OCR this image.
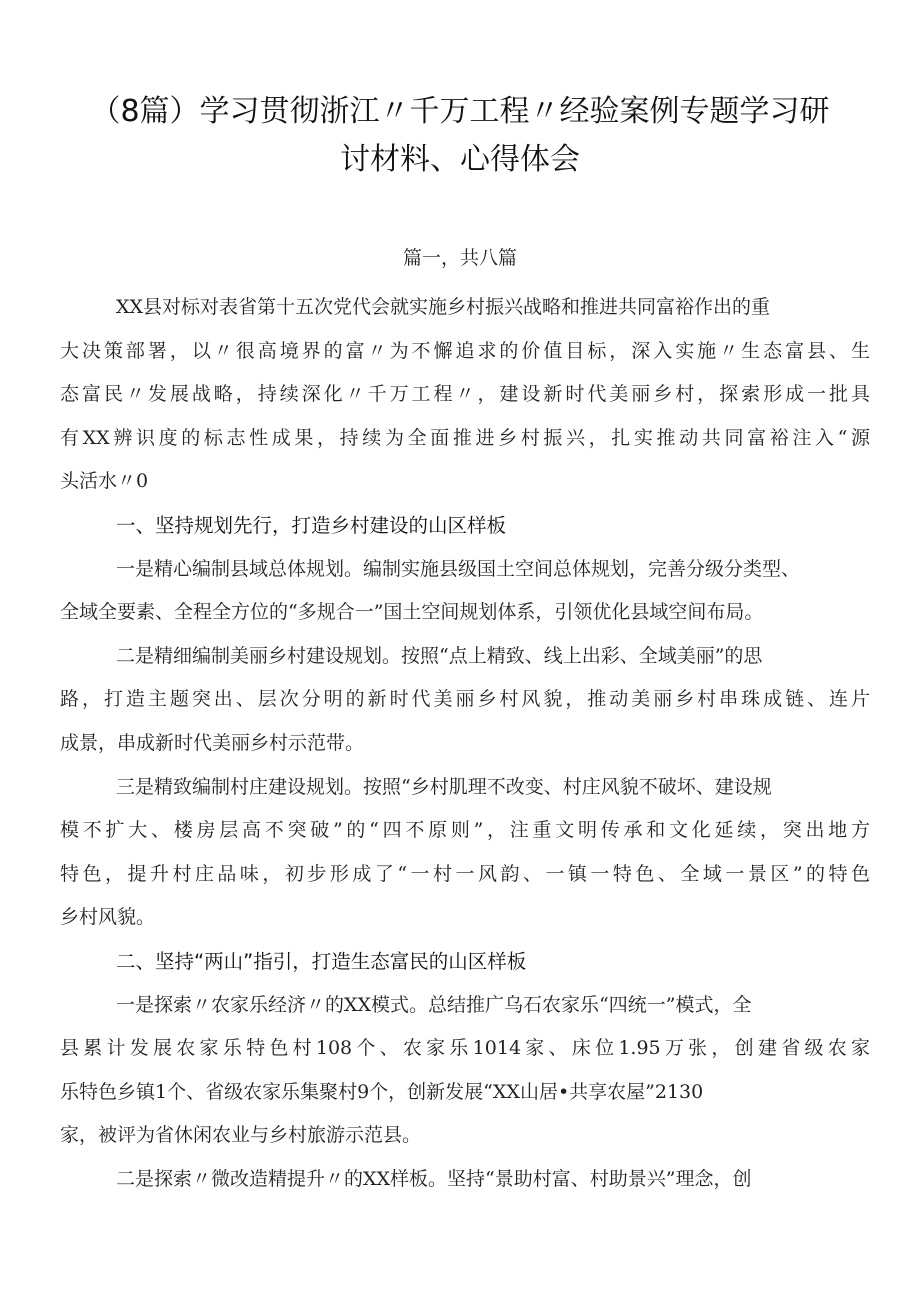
（8篇）学习贯彻浙江〃千万工程〃经验案例专题学习研
讨材料、心得体会
篇一，共八篇
XX县对标对表省第十五次党代会就实施乡村振兴战略和推进共同富裕作出的重
大决策部署，以〃很高境界的富〃为不懈追求的价值目标，深入实施〃生态富县、生
态富民〃发展战略，持续深化〃千万工程〃，建设新时代美丽乡村，探索形成一批具
有XX辨识度的标志性成果，持续为全面推进乡村振兴，扎实推动共同富裕注入“源
头活水〃0
一、坚持规划先行，打造乡村建设的山区样板
一是精心编制县域总体规划。编制实施县级国土空间总体规划，完善分级分类型、
全域全要素、全程全方位的“多规合一”国土空间规划体系，引领优化县域空间布局。
二是精细编制美丽乡村建设规划。按照“点上精致、线上出彩、全域美丽”的思
路，打造主题突出、层次分明的新时代美丽乡村风貌，推动美丽乡村串珠成链、连片
成景，串成新时代美丽乡村示范带。
三是精致编制村庄建设规划。按照“乡村肌理不改变、村庄风貌不破坏、建设规
模不扩大、楼房层高不突破”的“四不原则”，注重文明传承和文化延续，突出地方
特色，提升村庄品味，初步形成了“一村一风韵、一镇一特色、全域一景区”的特色
乡村风貌。
二、坚持“两山”指引，打造生态富民的山区样板
一是探索〃农家乐经济〃的XX模式。总结推广乌石农家乐“四统一”模式，全
县累计发展农家乐特色村108个、农家乐1014家、床位1.95万张，创建省级农家
乐特色乡镇1个、省级农家乐集聚村9个，创新发展“XX山居•共享农屋”2130
家，被评为省休闲农业与乡村旅游示范县。
二是探索〃微改造精提升〃的XX样板。坚持“景助村富、村助景兴”理念，创
